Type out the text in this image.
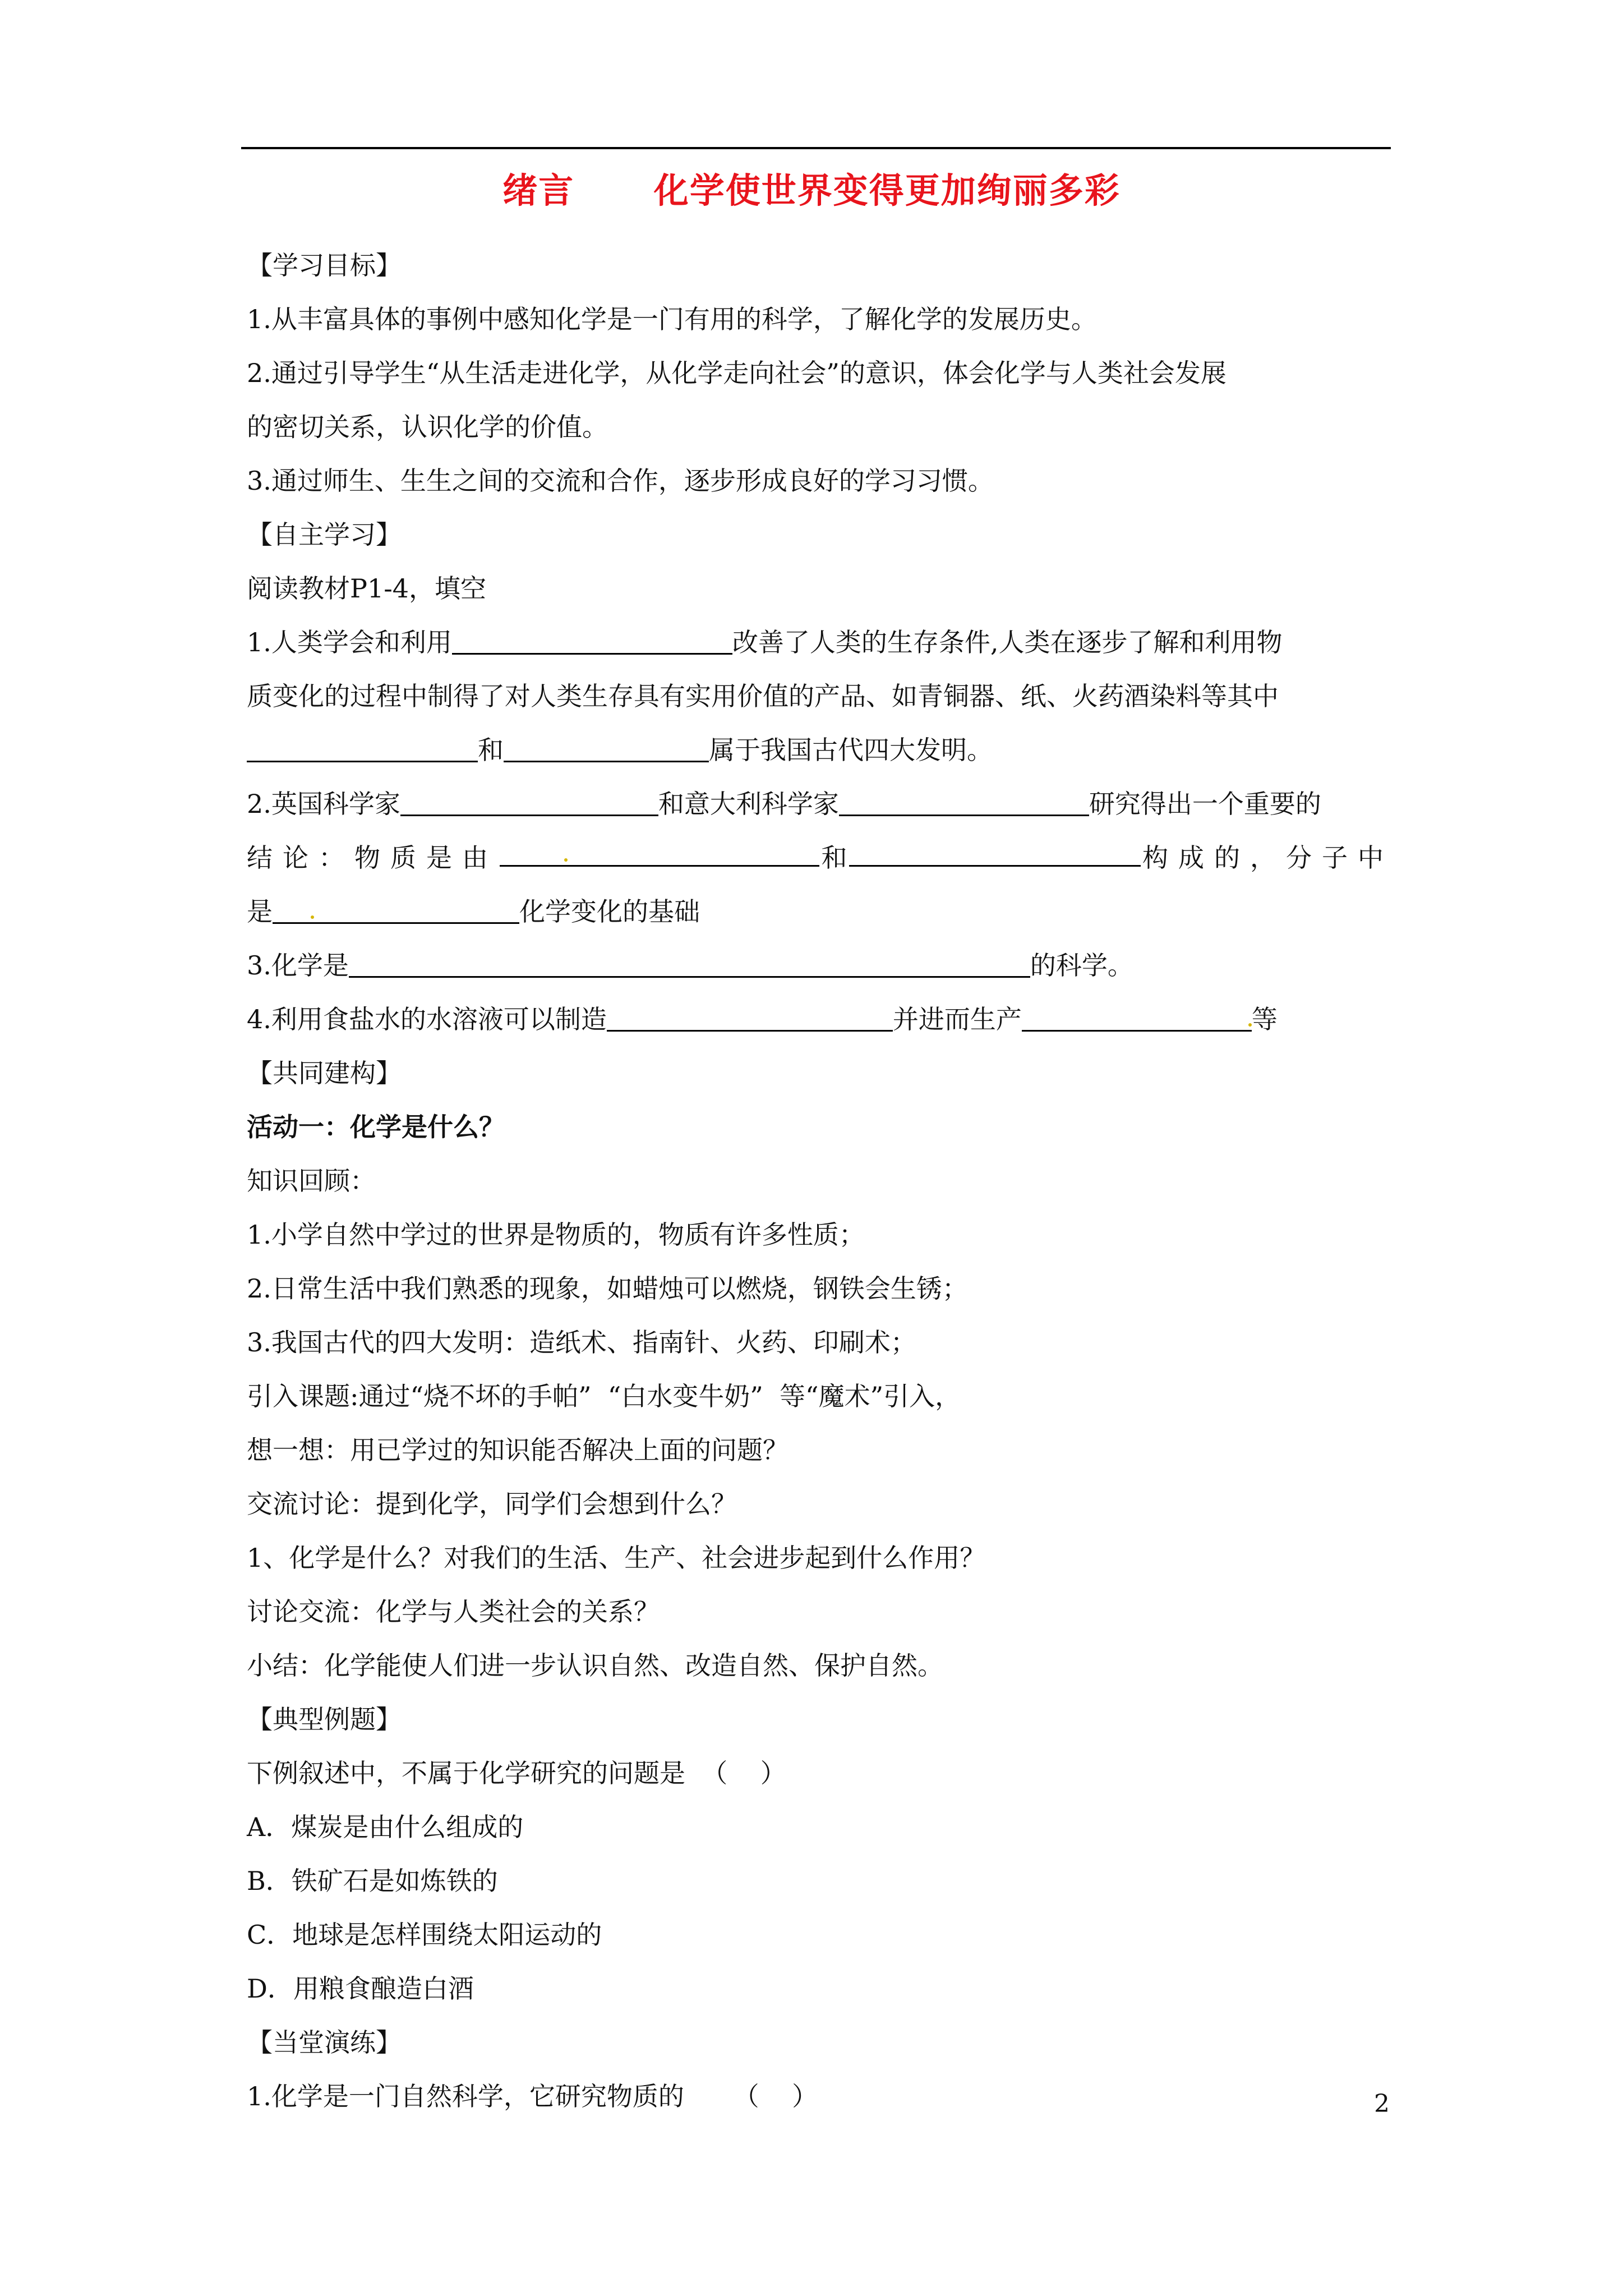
绪言      化学使世界变得更加绚丽多彩
【学习目标】
1.从丰富具体的事例中感知化学是一门有用的科学，了解化学的发展历史。
2.通过引导学生“从生活走进化学，从化学走向社会”的意识，体会化学与人类社会发展
的密切关系，认识化学的价值。
3.通过师生、生生之间的交流和合作，逐步形成良好的学习习惯。
【自主学习】
阅读教材P1-4，填空
1.人类学会和利用	改善了人类的生存条件,人类在逐步了解和利用物
质变化的过程中制得了对人类生存具有实用价值的产品、如青铜器、纸、火药酒染料等其中
和	属于我国古代四大发明。
2.英国科学家	和意大利科学家	研究得出一个重要的
结论：物质是由	和	构成的，分子中
是	化学变化的基础
3.化学是	的科学。
4.利用食盐水的水溶液可以制造	并进而生产	等
【共同建构】
活动一：化学是什么？
知识回顾：
1.小学自然中学过的世界是物质的，物质有许多性质；
2.日常生活中我们熟悉的现象，如蜡烛可以燃烧，钢铁会生锈；
3.我国古代的四大发明：造纸术、指南针、火药、印刷术；
引入课题:通过“烧不坏的手帕”  “白水变牛奶”  等“魔术”引入，
想一想：用已学过的知识能否解决上面的问题？
交流讨论：提到化学，同学们会想到什么？
1、化学是什么？对我们的生活、生产、社会进步起到什么作用？
讨论交流：化学与人类社会的关系？
小结：化学能使人们进一步认识自然、改造自然、保护自然。
【典型例题】
下例叙述中，不属于化学研究的问题是  （    ）
A．煤炭是由什么组成的
B．铁矿石是如炼铁的
C．地球是怎样围绕太阳运动的
D．用粮食酿造白酒
【当堂演练】
1.化学是一门自然科学，它研究物质的      （    ）	2
